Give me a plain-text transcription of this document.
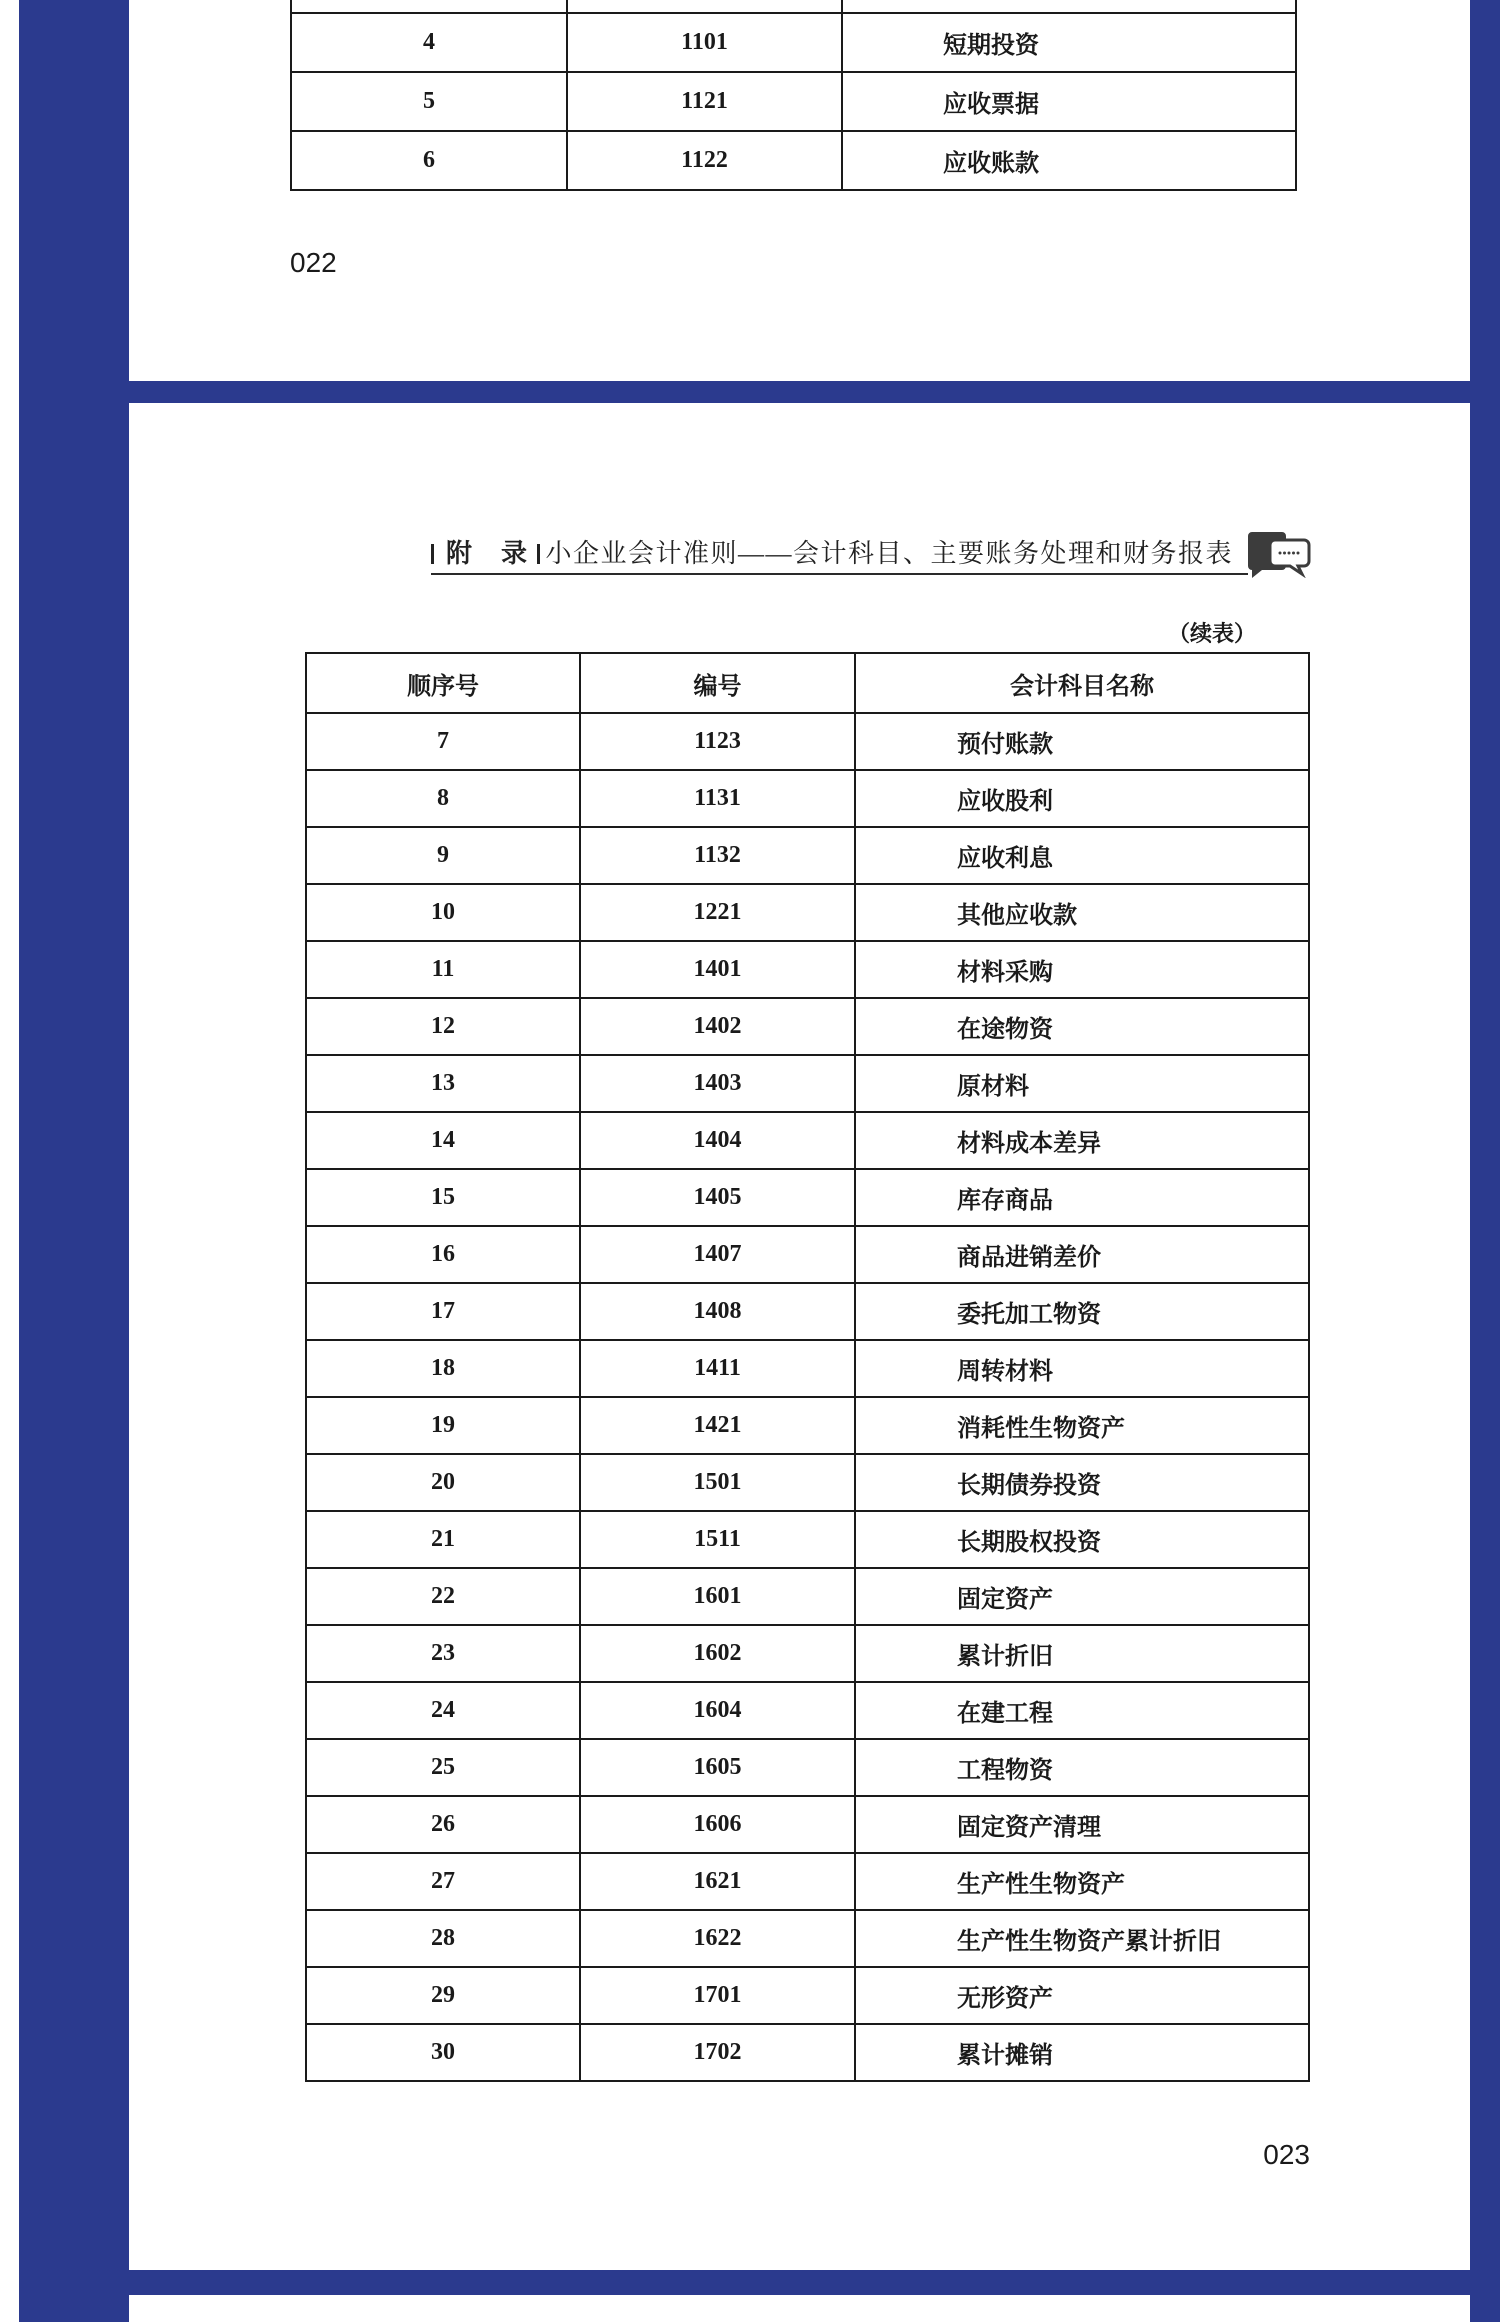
4	1101	短期投资
5	1121	应收票据
6	1122	应收账款
022
附　录 小企业会计准则——会计科目、主要账务处理和财务报表
（续表）
顺序号	编号	会计科目名称
7	1123	预付账款
8	1131	应收股利
9	1132	应收利息
10	1221	其他应收款
11	1401	材料采购
12	1402	在途物资
13	1403	原材料
14	1404	材料成本差异
15	1405	库存商品
16	1407	商品进销差价
17	1408	委托加工物资
18	1411	周转材料
19	1421	消耗性生物资产
20	1501	长期债券投资
21	1511	长期股权投资
22	1601	固定资产
23	1602	累计折旧
24	1604	在建工程
25	1605	工程物资
26	1606	固定资产清理
27	1621	生产性生物资产
28	1622	生产性生物资产累计折旧
29	1701	无形资产
30	1702	累计摊销
023
